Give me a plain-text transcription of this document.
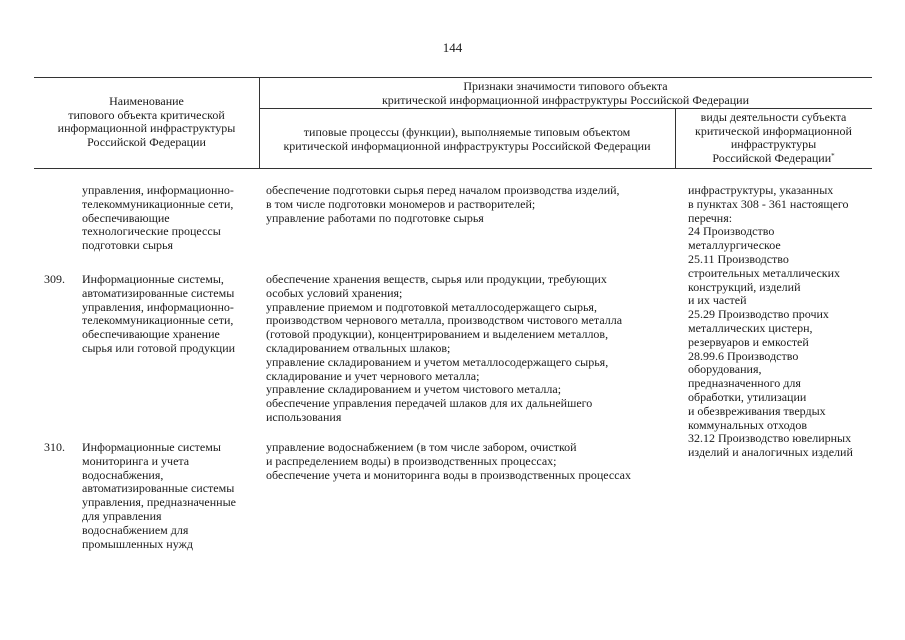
144
Наименование
типового объекта критической
информационной инфраструктуры
Российской Федерации
Признаки значимости типового объекта
критической информационной инфраструктуры Российской Федерации
типовые процессы (функции), выполняемые типовым объектом
критической информационной инфраструктуры Российской Федерации
виды деятельности субъекта
критической информационной
инфраструктуры
Российской Федерации*
управления, информационно-
телекоммуникационные сети,
обеспечивающие
технологические процессы
подготовки сырья
обеспечение подготовки сырья перед началом производства изделий,
в том числе подготовки мономеров и растворителей;
управление работами по подготовке сырья
309.	Информационные системы,
автоматизированные системы
управления, информационно-
телекоммуникационные сети,
обеспечивающие хранение
сырья или готовой продукции
обеспечение хранения веществ, сырья или продукции, требующих
особых условий хранения;
управление приемом и подготовкой металлосодержащего сырья,
производством чернового металла, производством чистового металла
(готовой продукции), концентрированием и выделением металлов,
складированием отвальных шлаков;
управление складированием и учетом металлосодержащего сырья,
складирование и учет чернового металла;
управление складированием и учетом чистового металла;
обеспечение управления передачей шлаков для их дальнейшего
использования
310.	Информационные системы
мониторинга и учета
водоснабжения,
автоматизированные системы
управления, предназначенные
для управления
водоснабжением для
промышленных нужд
управление водоснабжением (в том числе забором, очисткой
и распределением воды) в производственных процессах;
обеспечение учета и мониторинга воды в производственных процессах
инфраструктуры, указанных
в пунктах 308 - 361 настоящего
перечня:
24 Производство
металлургическое
25.11 Производство
строительных металлических
конструкций, изделий
и их частей
25.29 Производство прочих
металлических цистерн,
резервуаров и емкостей
28.99.6 Производство
оборудования,
предназначенного для
обработки, утилизации
и обезвреживания твердых
коммунальных отходов
32.12 Производство ювелирных
изделий и аналогичных изделий
